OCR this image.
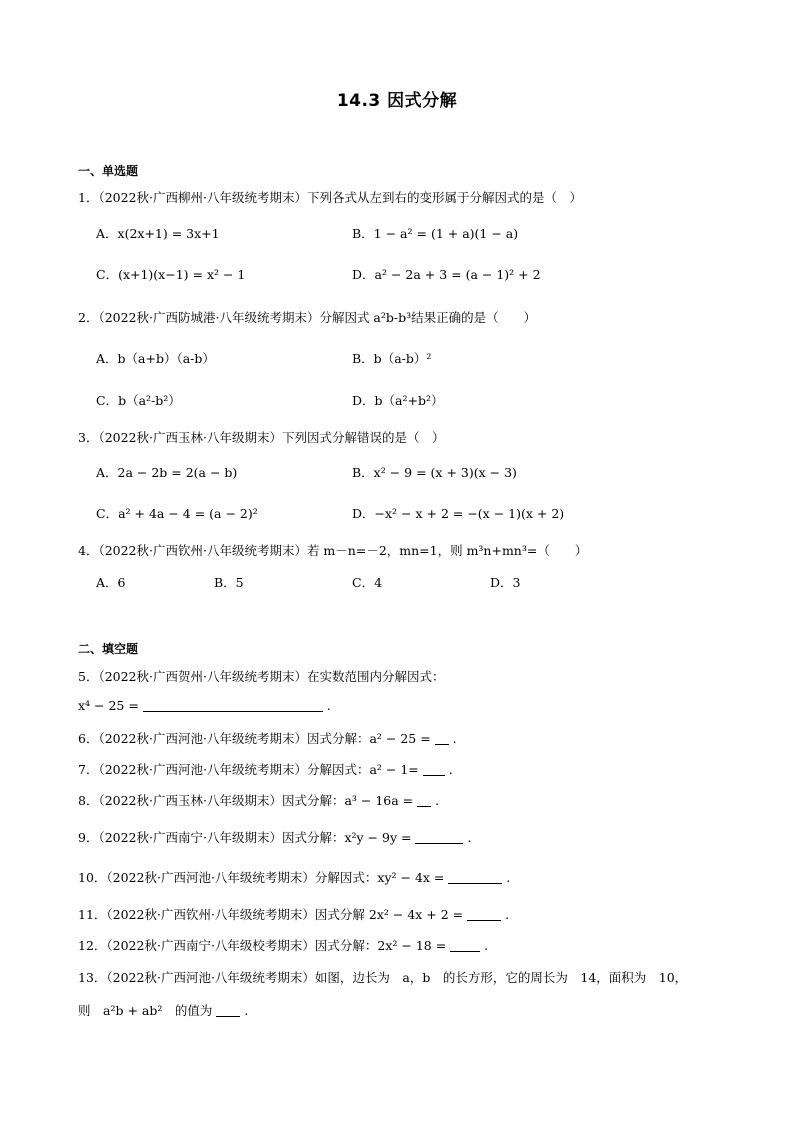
14.3 因式分解
一、单选题
1．（2022秋·广西柳州·八年级统考期末）下列各式从左到右的变形属于分解因式的是（　）
A．x(2x+1) = 3x+1	B．1 − a² = (1 + a)(1 − a)
C．(x+1)(x−1) = x² − 1	D．a² − 2a + 3 = (a − 1)² + 2
2．（2022秋·广西防城港·八年级统考期末）分解因式 a²b-b³结果正确的是（　　）
A．b（a+b）（a-b）	B．b（a-b）²
C．b（a²-b²）	D．b（a²+b²）
3．（2022秋·广西玉林·八年级期末）下列因式分解错误的是（　）
A．2a − 2b = 2(a − b)	B．x² − 9 = (x + 3)(x − 3)
C．a² + 4a − 4 = (a − 2)²	D．−x² − x + 2 = −(x − 1)(x + 2)
4．（2022秋·广西钦州·八年级统考期末）若 m－n=－2，mn=1，则 m³n+mn³=（　　）
A．6	B．5	C．4	D．3
二、填空题
5．（2022秋·广西贺州·八年级统考期末）在实数范围内分解因式：
x⁴ − 25 =	.
6．（2022秋·广西河池·八年级统考期末）因式分解：a² − 25 = .
7．（2022秋·广西河池·八年级统考期末）分解因式：a² − 1= .
8．（2022秋·广西玉林·八年级期末）因式分解：a³ − 16a = .
9．（2022秋·广西南宁·八年级期末）因式分解：x²y − 9y =	.
10．（2022秋·广西河池·八年级统考期末）分解因式：xy² − 4x =	.
11．（2022秋·广西钦州·八年级统考期末）因式分解 2x² − 4x + 2 =	.
12．（2022秋·广西南宁·八年级校考期末）因式分解：2x² − 18 =	.
13．（2022秋·广西河池·八年级统考期末）如图，边长为　a，b　的长方形，它的周长为　14，面积为　10，
则　a²b + ab²　的值为	.
